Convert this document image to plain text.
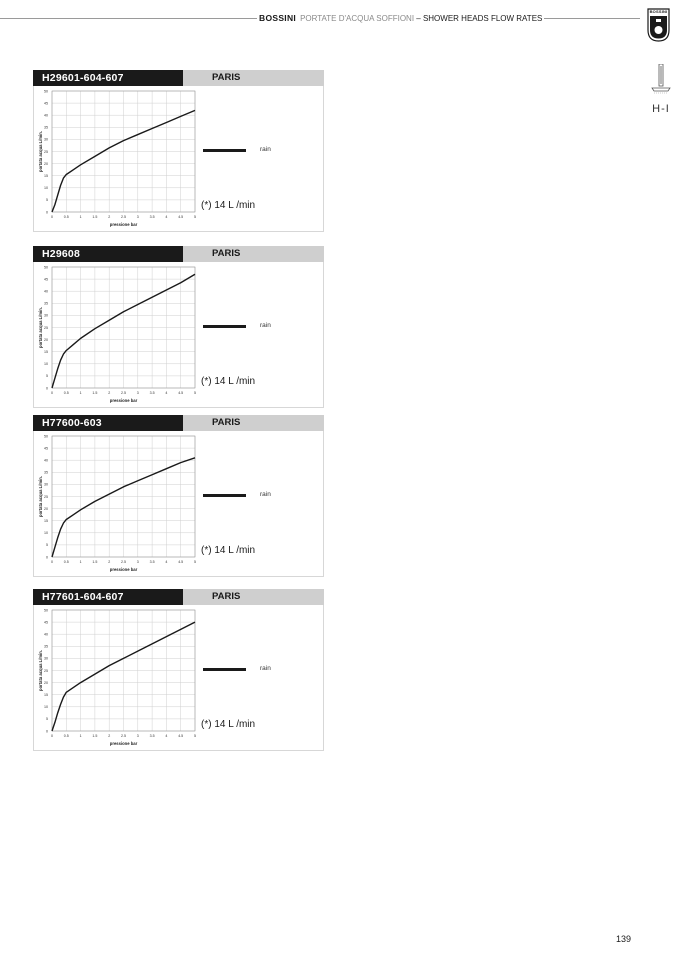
BOSSINI PORTATE D'ACQUA SOFFIONI – SHOWER HEADS FLOW RATES
BOSSINI
H-I
H29601-604-607	PARIS
0	0.5	1	1.5	2	2.5	3	3.5	4	4.5	5
0
5
10
15
20
25
30
35
40
45
50
pressione bar
portata acqua L/min.	rain
(*) 14 L /min
H29608	PARIS
0	0.5	1	1.5	2	2.5	3	3.5	4	4.5	5
0
5
10
15
20
25
30
35
40
45
50
pressione bar
portata acqua L/min.	rain
(*) 14 L /min
H77600-603	PARIS
0	0.5	1	1.5	2	2.5	3	3.5	4	4.5	5
0
5
10
15
20
25
30
35
40
45
50
pressione bar
portata acqua L/min.	rain
(*) 14 L /min
H77601-604-607	PARIS
0	0.5	1	1.5	2	2.5	3	3.5	4	4.5	5
0
5
10
15
20
25
30
35
40
45
50
pressione bar
portata acqua L/min.	rain
(*) 14 L /min
139
